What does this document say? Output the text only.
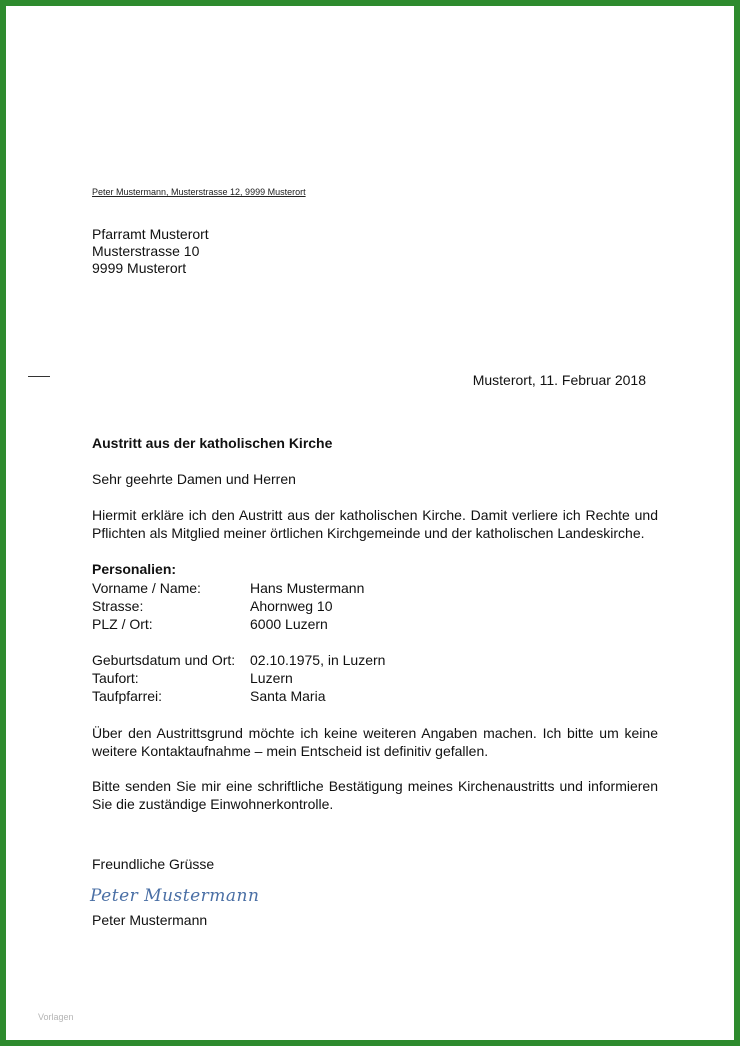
Peter Mustermann, Musterstrasse 12, 9999 Musterort
Pfarramt Musterort
Musterstrasse 10
9999 Musterort
Musterort, 11. Februar 2018
Austritt aus der katholischen Kirche

Sehr geehrte Damen und Herren

Hiermit erkläre ich den Austritt aus der katholischen Kirche. Damit verliere ich Rechte und Pflichten als Mitglied meiner örtlichen Kirchgemeinde und der katholischen Landeskirche.

Personalien:
Vorname / Name:	Hans Mustermann
Strasse:	Ahornweg 10
PLZ / Ort:	6000 Luzern
Geburtsdatum und Ort: 02.10.1975, in Luzern
Taufort:	Luzern
Taufpfarrei:	Santa Maria

Über den Austrittsgrund möchte ich keine weiteren Angaben machen. Ich bitte um keine weitere Kontaktaufnahme – mein Entscheid ist definitiv gefallen.

Bitte senden Sie mir eine schriftliche Bestätigung meines Kirchenaustritts und informieren Sie die zuständige Einwohnerkontrolle.

Freundliche Grüsse
Peter Mustermann
Peter Mustermann
Vorlagen
